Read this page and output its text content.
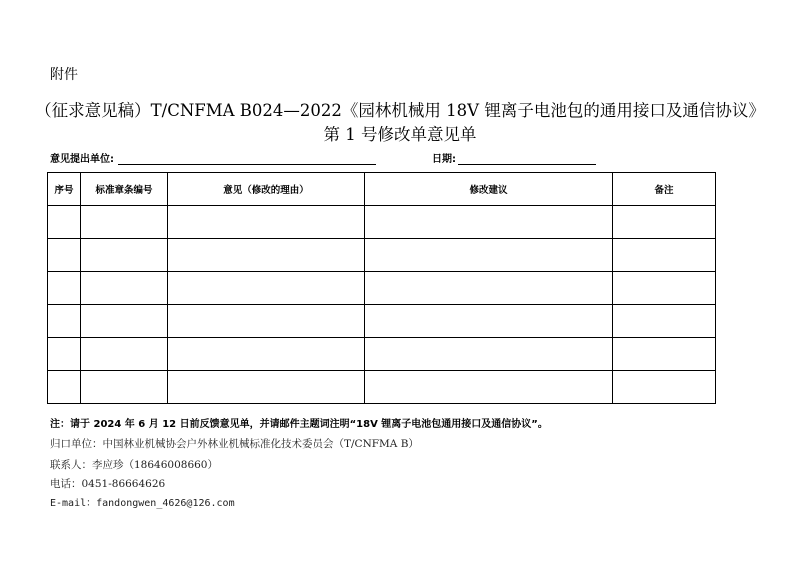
附件
（征求意见稿）T/CNFMA B024—2022《园林机械用 18V 锂离子电池包的通用接口及通信协议》
第 1 号修改单意见单
意见提出单位:	日期:
序号	标准章条编号	意见（修改的理由）	修改建议	备注

注：请于 2024 年 6 月 12 日前反馈意见单，并请邮件主题词注明“18V 锂离子电池包通用接口及通信协议”。
归口单位：中国林业机械协会户外林业机械标准化技术委员会（T/CNFMA B）
联系人：李应珍（18646008660）
电话：0451-86664626
E-mail：fandongwen_4626@126.com
